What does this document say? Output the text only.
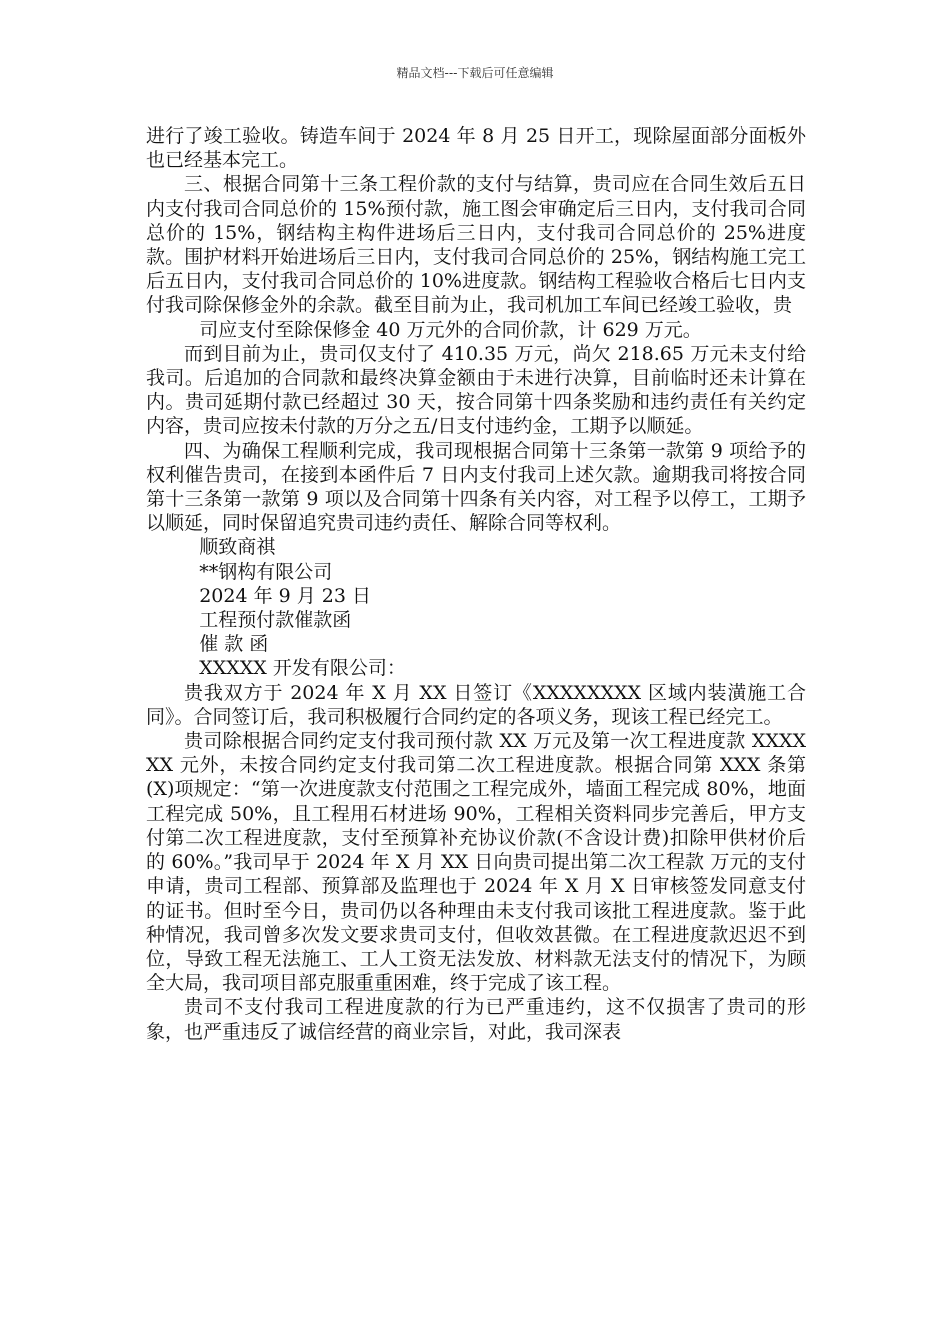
精品文档---下载后可任意编辑

进行了竣工验收。铸造车间于 2024 年 8 月 25 日开工，现除屋面部分面板外也已经基本完工。

三、根据合同第十三条工程价款的支付与结算，贵司应在合同生效后五日内支付我司合同总价的 15%预付款，施工图会审确定后三日内，支付我司合同总价的 15%，钢结构主构件进场后三日内，支付我司合同总价的 25%进度款。围护材料开始进场后三日内，支付我司合同总价的 25%，钢结构施工完工后五日内，支付我司合同总价的 10%进度款。钢结构工程验收合格后七日内支付我司除保修金外的余款。截至目前为止，我司机加工车间已经竣工验收，贵

司应支付至除保修金 40 万元外的合同价款，计 629 万元。

而到目前为止，贵司仅支付了 410.35 万元，尚欠 218.65 万元未支付给我司。后追加的合同款和最终决算金额由于未进行决算，目前临时还未计算在内。贵司延期付款已经超过 30 天，按合同第十四条奖励和违约责任有关约定内容，贵司应按未付款的万分之五/日支付违约金，工期予以顺延。

四、为确保工程顺利完成，我司现根据合同第十三条第一款第 9 项给予的权利催告贵司，在接到本函件后 7 日内支付我司上述欠款。逾期我司将按合同第十三条第一款第 9 项以及合同第十四条有关内容，对工程予以停工，工期予以顺延，同时保留追究贵司违约责任、解除合同等权利。

顺致商祺

**钢构有限公司

2024 年 9 月 23 日

工程预付款催款函

催 款 函

XXXXX 开发有限公司：

贵我双方于 2024 年 X 月 XX 日签订《XXXXXXXX 区域内装潢施工合同》。合同签订后，我司积极履行合同约定的各项义务，现该工程已经完工。

贵司除根据合同约定支付我司预付款 XX 万元及第一次工程进度款 XXXXXX 元外，未按合同约定支付我司第二次工程进度款。根据合同第 XXX 条第(X)项规定：“第一次进度款支付范围之工程完成外，墙面工程完成 80%，地面工程完成 50%，且工程用石材进场 90%，工程相关资料同步完善后，甲方支付第二次工程进度款，支付至预算补充协议价款(不含设计费)扣除甲供材价后的 60%。”我司早于 2024 年 X 月 XX 日向贵司提出第二次工程款 万元的支付申请，贵司工程部、预算部及监理也于 2024 年 X 月 X 日审核签发同意支付的证书。但时至今日，贵司仍以各种理由未支付我司该批工程进度款。鉴于此种情况，我司曾多次发文要求贵司支付，但收效甚微。在工程进度款迟迟不到位，导致工程无法施工、工人工资无法发放、材料款无法支付的情况下，为顾全大局，我司项目部克服重重困难，终于完成了该工程。

贵司不支付我司工程进度款的行为已严重违约，这不仅损害了贵司的形象，也严重违反了诚信经营的商业宗旨，对此，我司深表
